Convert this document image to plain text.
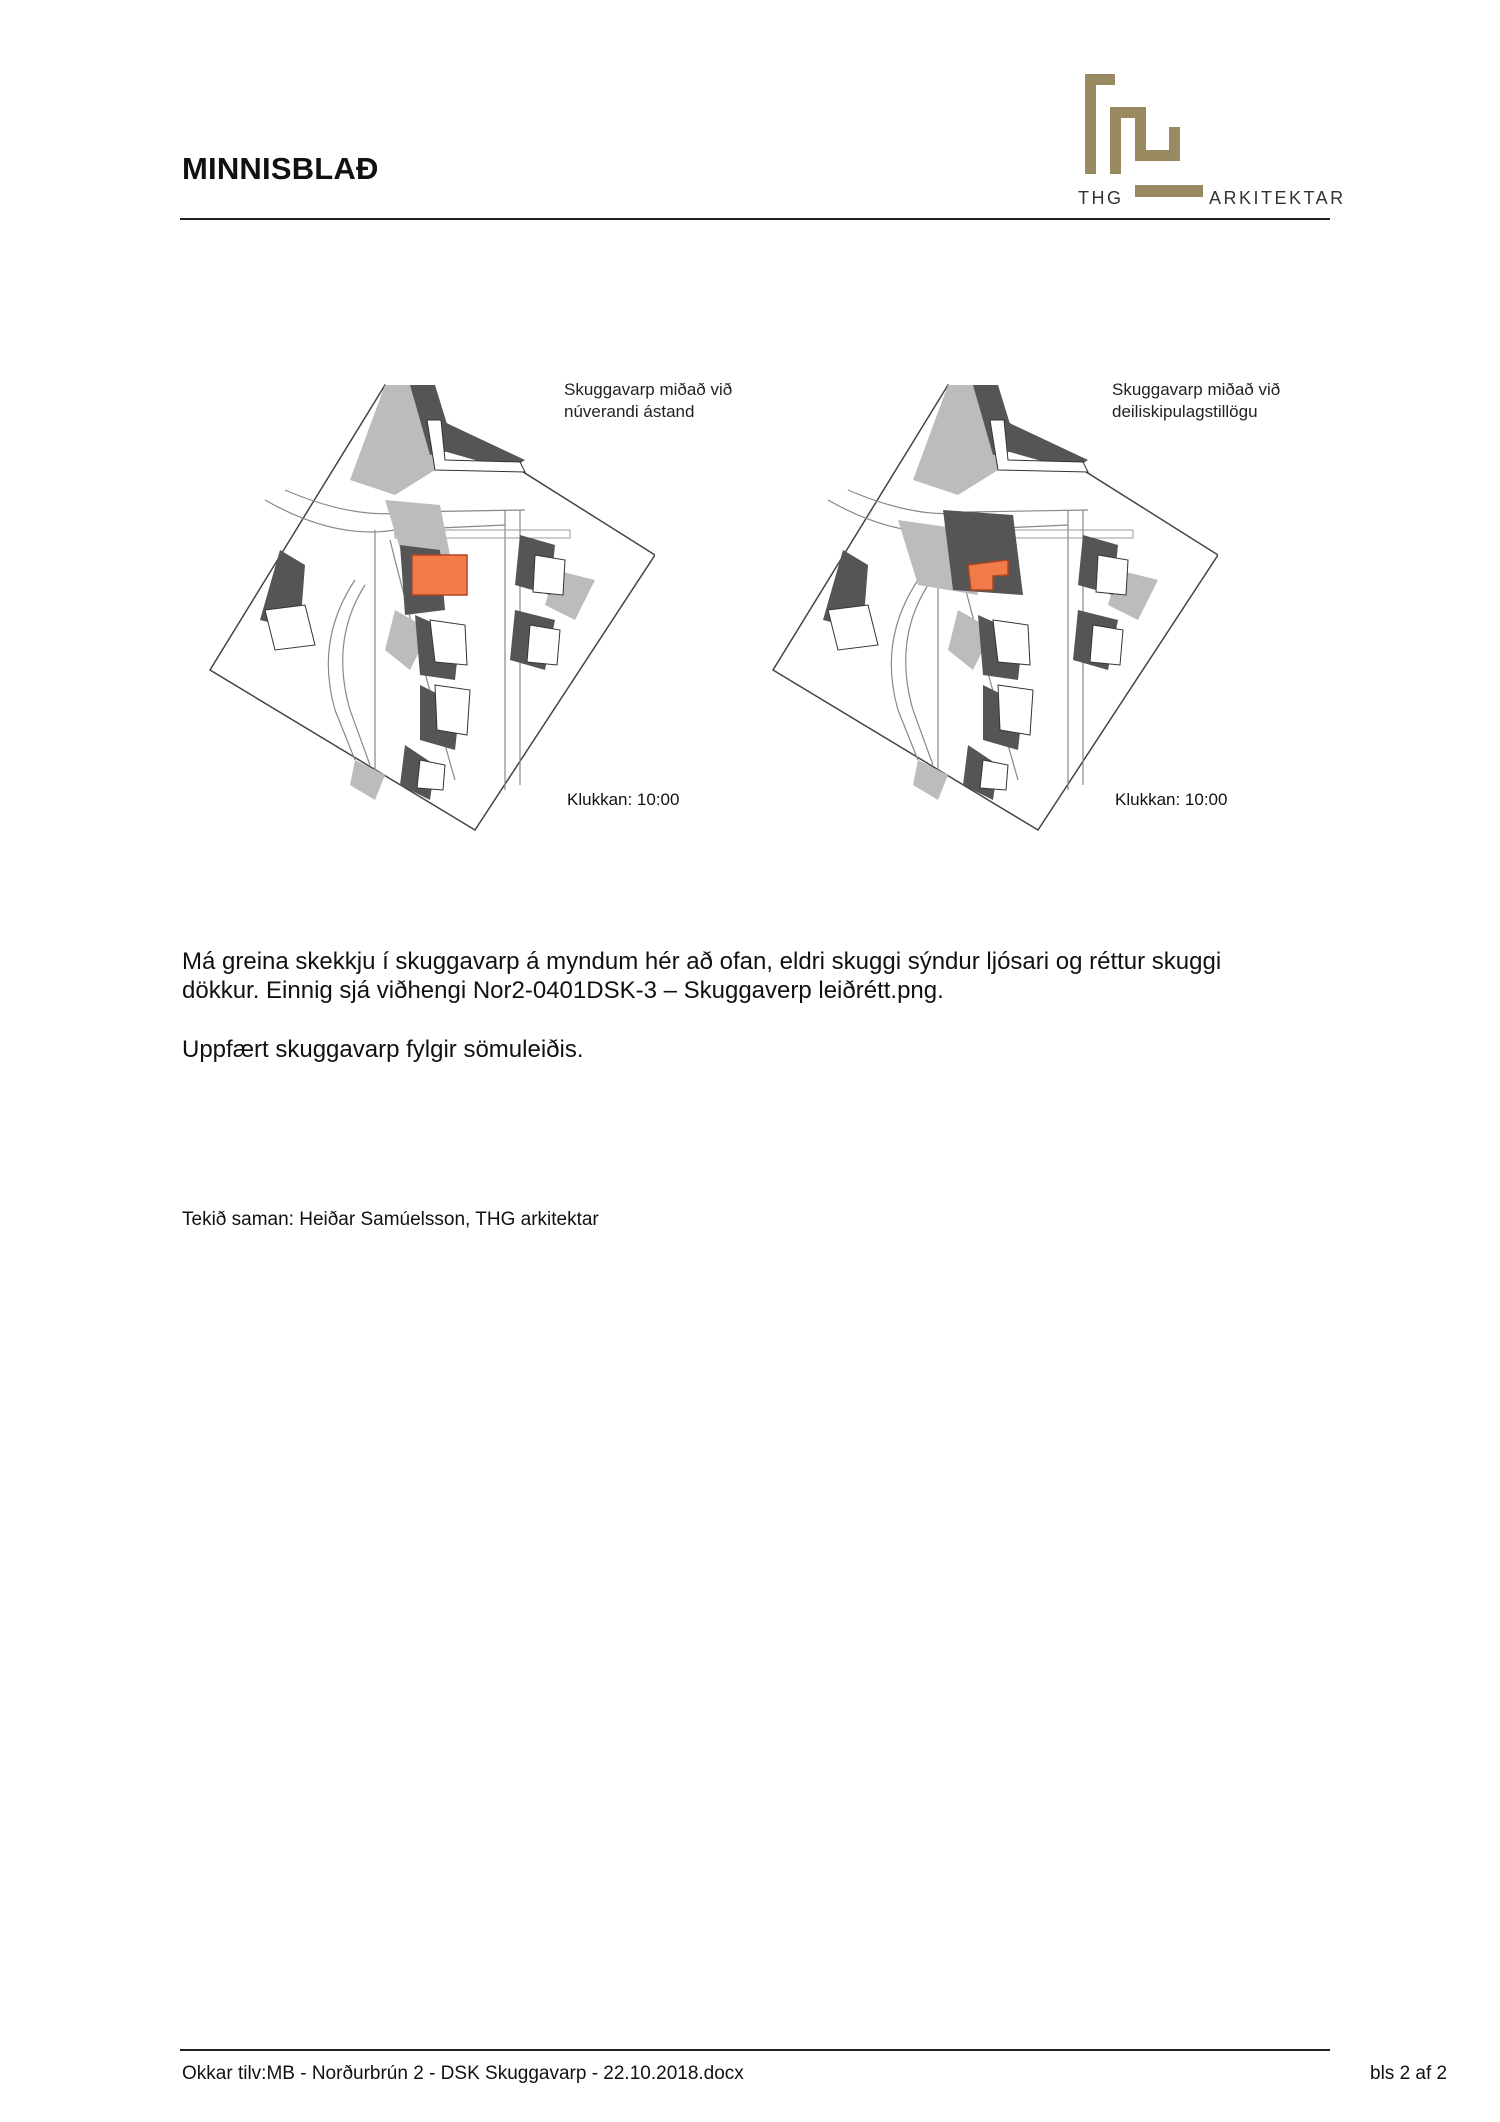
MINNISBLAÐ
THG	ARKITEKTAR
Skuggavarp miðað við
núverandi ástand
Skuggavarp miðað við
deiliskipulagstillögu
Klukkan: 10:00	Klukkan: 10:00
Má greina skekkju í skuggavarp á myndum hér að ofan, eldri skuggi sýndur ljósari og réttur skuggi
dökkur. Einnig sjá viðhengi Nor2-0401DSK-3 – Skuggaverp leiðrétt.png.
Uppfært skuggavarp fylgir sömuleiðis.
Tekið saman: Heiðar Samúelsson, THG arkitektar
Okkar tilv:MB - Norðurbrún 2 - DSK Skuggavarp - 22.10.2018.docx	bls 2 af 2
